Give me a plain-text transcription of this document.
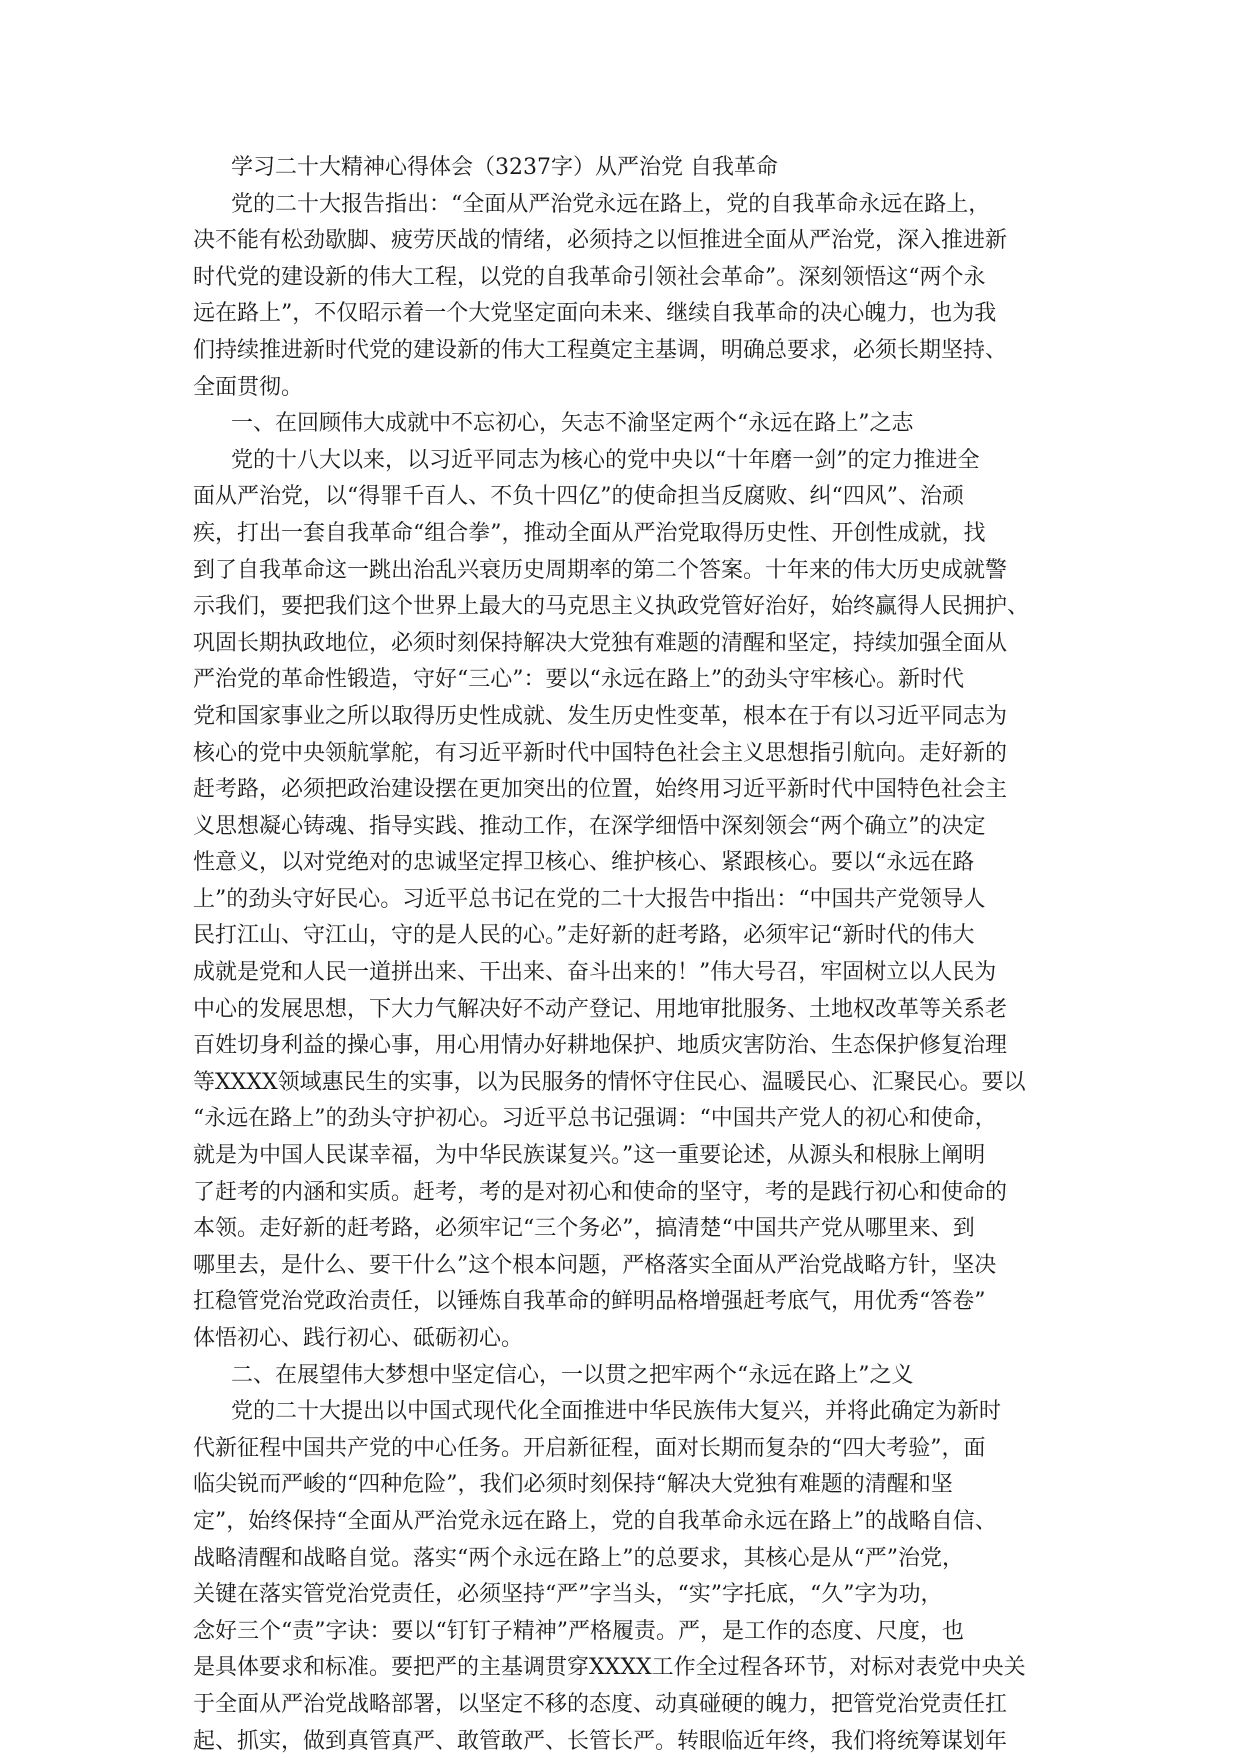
学习二十大精神心得体会（3237字）从严治党 自我革命
党的二十大报告指出：“全面从严治党永远在路上，党的自我革命永远在路上，
决不能有松劲歇脚、疲劳厌战的情绪，必须持之以恒推进全面从严治党，深入推进新
时代党的建设新的伟大工程，以党的自我革命引领社会革命”。深刻领悟这“两个永
远在路上”，不仅昭示着一个大党坚定面向未来、继续自我革命的决心魄力，也为我
们持续推进新时代党的建设新的伟大工程奠定主基调，明确总要求，必须长期坚持、
全面贯彻。
一、在回顾伟大成就中不忘初心，矢志不渝坚定两个“永远在路上”之志
党的十八大以来，以习近平同志为核心的党中央以“十年磨一剑”的定力推进全
面从严治党，以“得罪千百人、不负十四亿”的使命担当反腐败、纠“四风”、治顽
疾，打出一套自我革命“组合拳”，推动全面从严治党取得历史性、开创性成就，找
到了自我革命这一跳出治乱兴衰历史周期率的第二个答案。十年来的伟大历史成就警
示我们，要把我们这个世界上最大的马克思主义执政党管好治好，始终赢得人民拥护、
巩固长期执政地位，必须时刻保持解决大党独有难题的清醒和坚定，持续加强全面从
严治党的革命性锻造，守好“三心”：要以“永远在路上”的劲头守牢核心。新时代
党和国家事业之所以取得历史性成就、发生历史性变革，根本在于有以习近平同志为
核心的党中央领航掌舵，有习近平新时代中国特色社会主义思想指引航向。走好新的
赶考路，必须把政治建设摆在更加突出的位置，始终用习近平新时代中国特色社会主
义思想凝心铸魂、指导实践、推动工作，在深学细悟中深刻领会“两个确立”的决定
性意义，以对党绝对的忠诚坚定捍卫核心、维护核心、紧跟核心。要以“永远在路
上”的劲头守好民心。习近平总书记在党的二十大报告中指出：“中国共产党领导人
民打江山、守江山，守的是人民的心。”走好新的赶考路，必须牢记“新时代的伟大
成就是党和人民一道拼出来、干出来、奋斗出来的！”伟大号召，牢固树立以人民为
中心的发展思想，下大力气解决好不动产登记、用地审批服务、土地权改革等关系老
百姓切身利益的操心事，用心用情办好耕地保护、地质灾害防治、生态保护修复治理
等XXXX领域惠民生的实事，以为民服务的情怀守住民心、温暖民心、汇聚民心。要以
“永远在路上”的劲头守护初心。习近平总书记强调：“中国共产党人的初心和使命，
就是为中国人民谋幸福，为中华民族谋复兴。”这一重要论述，从源头和根脉上阐明
了赶考的内涵和实质。赶考，考的是对初心和使命的坚守，考的是践行初心和使命的
本领。走好新的赶考路，必须牢记“三个务必”，搞清楚“中国共产党从哪里来、到
哪里去，是什么、要干什么”这个根本问题，严格落实全面从严治党战略方针，坚决
扛稳管党治党政治责任，以锤炼自我革命的鲜明品格增强赶考底气，用优秀“答卷”
体悟初心、践行初心、砥砺初心。
二、在展望伟大梦想中坚定信心，一以贯之把牢两个“永远在路上”之义
党的二十大提出以中国式现代化全面推进中华民族伟大复兴，并将此确定为新时
代新征程中国共产党的中心任务。开启新征程，面对长期而复杂的“四大考验”，面
临尖锐而严峻的“四种危险”，我们必须时刻保持“解决大党独有难题的清醒和坚
定”，始终保持“全面从严治党永远在路上，党的自我革命永远在路上”的战略自信、
战略清醒和战略自觉。落实“两个永远在路上”的总要求，其核心是从“严”治党，
关键在落实管党治党责任，必须坚持“严”字当头，“实”字托底，“久”字为功，
念好三个“责”字诀：要以“钉钉子精神”严格履责。严，是工作的态度、尺度，也
是具体要求和标准。要把严的主基调贯穿XXXX工作全过程各环节，对标对表党中央关
于全面从严治党战略部署，以坚定不移的态度、动真碰硬的魄力，把管党治党责任扛
起、抓实，做到真管真严、敢管敢严、长管长严。转眼临近年终，我们将统筹谋划年
